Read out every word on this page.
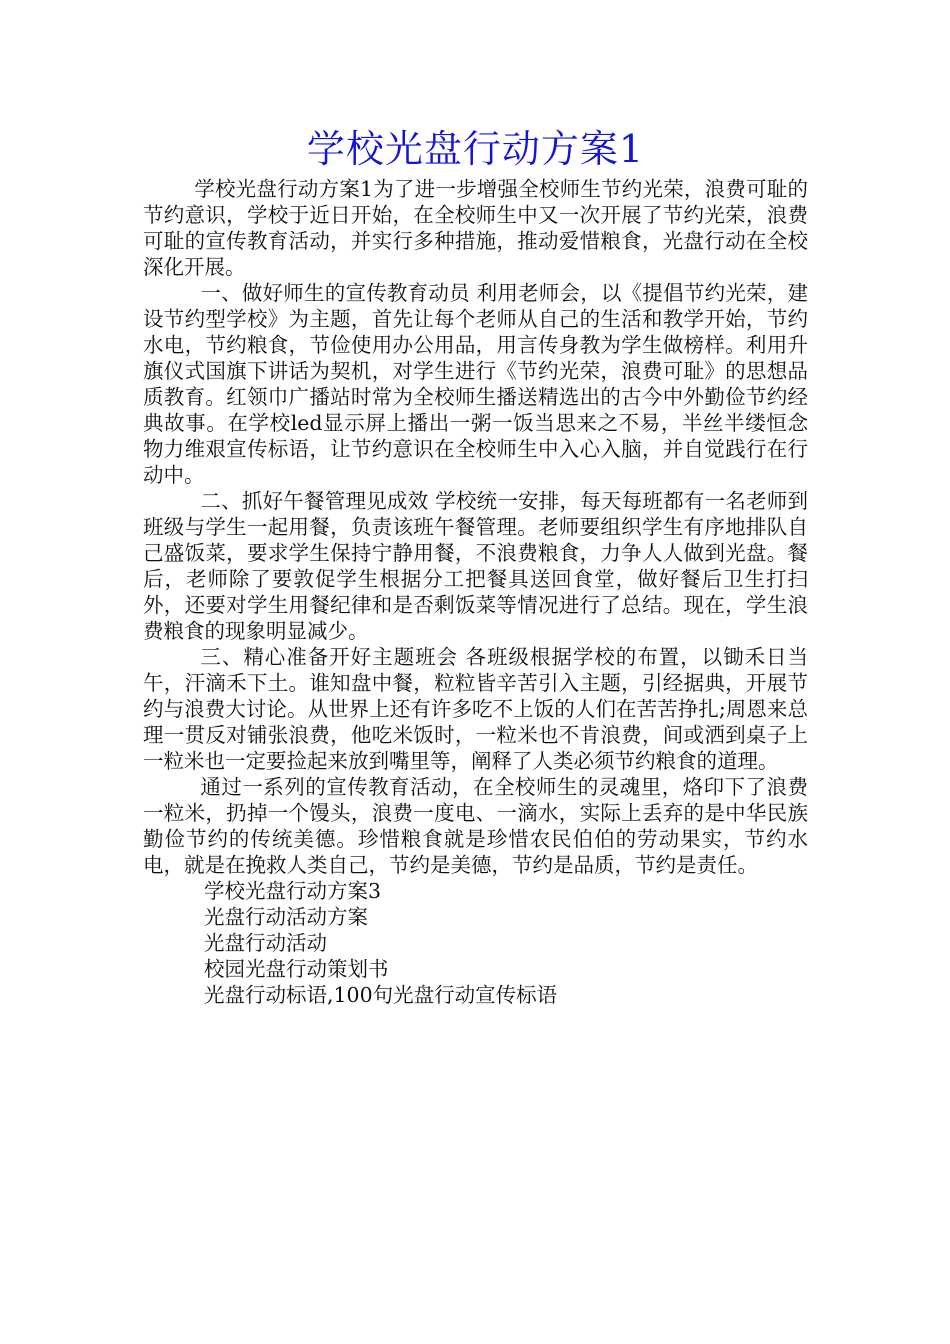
学校光盘行动方案1

学校光盘行动方案1为了进一步增强全校师生节约光荣，浪费可耻的节约意识，学校于近日开始，在全校师生中又一次开展了节约光荣，浪费可耻的宣传教育活动，并实行多种措施，推动爱惜粮食，光盘行动在全校深化开展。

一、做好师生的宣传教育动员 利用老师会，以《提倡节约光荣，建设节约型学校》为主题，首先让每个老师从自己的生活和教学开始，节约水电，节约粮食，节俭使用办公用品，用言传身教为学生做榜样。利用升旗仪式国旗下讲话为契机，对学生进行《节约光荣，浪费可耻》的思想品质教育。红领巾广播站时常为全校师生播送精选出的古今中外勤俭节约经典故事。在学校led显示屏上播出一粥一饭当思来之不易，半丝半缕恒念物力维艰宣传标语，让节约意识在全校师生中入心入脑，并自觉践行在行动中。

二、抓好午餐管理见成效 学校统一安排，每天每班都有一名老师到班级与学生一起用餐，负责该班午餐管理。老师要组织学生有序地排队自己盛饭菜，要求学生保持宁静用餐，不浪费粮食，力争人人做到光盘。餐后，老师除了要敦促学生根据分工把餐具送回食堂，做好餐后卫生打扫外，还要对学生用餐纪律和是否剩饭菜等情况进行了总结。现在，学生浪费粮食的现象明显减少。

三、精心准备开好主题班会 各班级根据学校的布置，以锄禾日当午，汗滴禾下土。谁知盘中餐，粒粒皆辛苦引入主题，引经据典，开展节约与浪费大讨论。从世界上还有许多吃不上饭的人们在苦苦挣扎;周恩来总理一贯反对铺张浪费，他吃米饭时，一粒米也不肯浪费，间或洒到桌子上一粒米也一定要捡起来放到嘴里等，阐释了人类必须节约粮食的道理。

通过一系列的宣传教育活动，在全校师生的灵魂里，烙印下了浪费一粒米，扔掉一个馒头，浪费一度电、一滴水，实际上丢弃的是中华民族勤俭节约的传统美德。珍惜粮食就是珍惜农民伯伯的劳动果实，节约水电，就是在挽救人类自己，节约是美德，节约是品质，节约是责任。

学校光盘行动方案3
光盘行动活动方案
光盘行动活动
校园光盘行动策划书
光盘行动标语,100句光盘行动宣传标语
